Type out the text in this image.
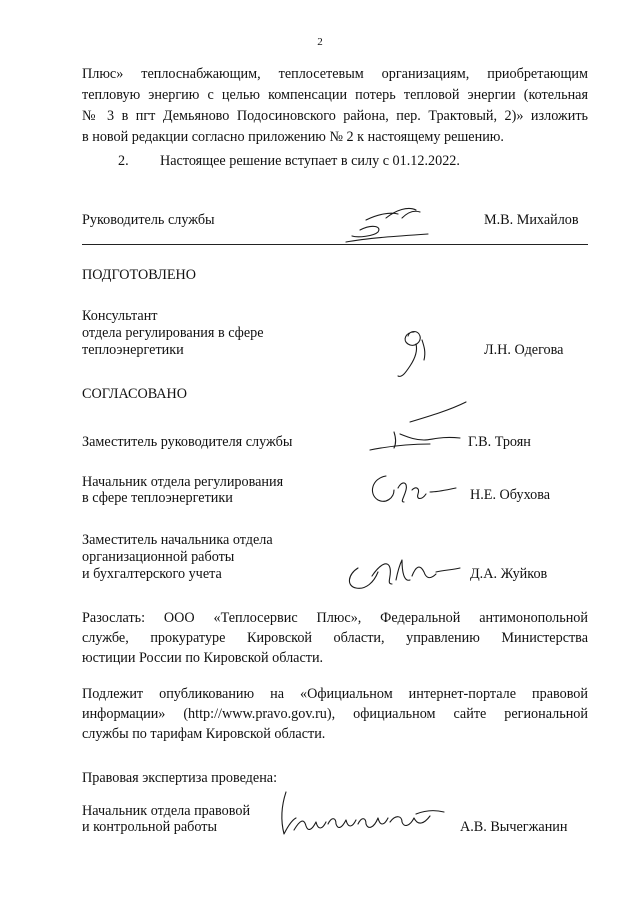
2
Плюс» теплоснабжающим, теплосетевым организациям, приобретающим
тепловую энергию с целью компенсации потерь тепловой энергии (котельная
№ 3 в пгт Демьяново Подосиновского района, пер. Трактовый, 2)» изложить
в новой редакции согласно приложению № 2 к настоящему решению.
2. Настоящее решение вступает в силу с 01.12.2022.
Руководитель службы	М.В. Михайлов
ПОДГОТОВЛЕНО
Консультант
отдела регулирования в сфере
теплоэнергетики	Л.Н. Одегова
СОГЛАСОВАНО
Заместитель руководителя службы	Г.В. Троян
Начальник отдела регулирования
в сфере теплоэнергетики	Н.Е. Обухова
Заместитель начальника отдела
организационной работы
и бухгалтерского учета	Д.А. Жуйков
Разослать: ООО «Теплосервис Плюс», Федеральной антимонопольной
службе, прокуратуре Кировской области, управлению Министерства
юстиции России по Кировской области.
Подлежит опубликованию на «Официальном интернет-портале правовой
информации» (http://www.pravo.gov.ru), официальном сайте региональной
службы по тарифам Кировской области.
Правовая экспертиза проведена:
Начальник отдела правовой
и контрольной работы	А.В. Вычегжанин
